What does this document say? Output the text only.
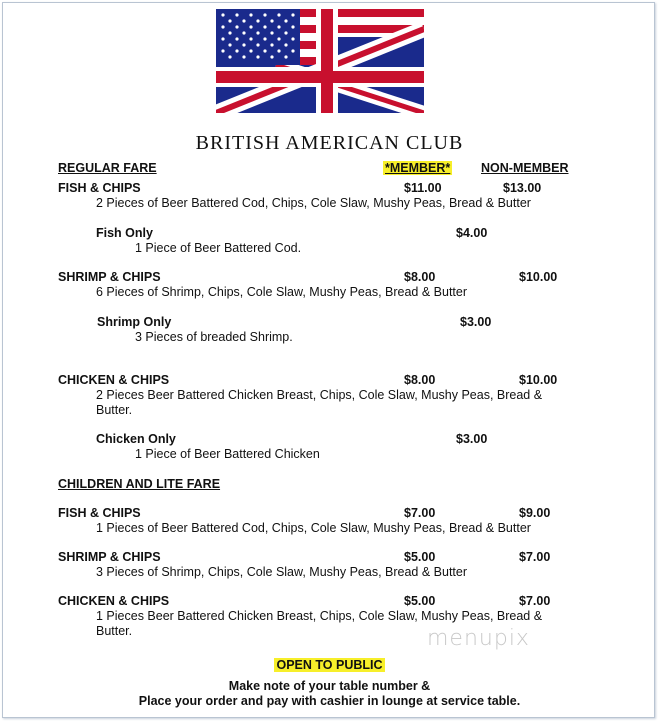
BRITISH AMERICAN CLUB
REGULAR FARE	*MEMBER* NON-MEMBER
FISH & CHIPS	$11.00	$13.00
2 Pieces of Beer Battered Cod, Chips, Cole Slaw, Mushy Peas, Bread & Butter
Fish Only	$4.00
1 Piece of Beer Battered Cod.
SHRIMP & CHIPS	$8.00	$10.00
6 Pieces of Shrimp, Chips, Cole Slaw, Mushy Peas, Bread & Butter
Shrimp Only	$3.00
3 Pieces of breaded Shrimp.
CHICKEN & CHIPS	$8.00	$10.00
2 Pieces Beer Battered Chicken Breast, Chips, Cole Slaw, Mushy Peas, Bread & Butter.
Chicken Only	$3.00
1 Piece of Beer Battered Chicken
CHILDREN AND LITE FARE
FISH & CHIPS	$7.00	$9.00
1 Pieces of Beer Battered Cod, Chips, Cole Slaw, Mushy Peas, Bread & Butter
SHRIMP & CHIPS	$5.00	$7.00
3 Pieces of Shrimp, Chips, Cole Slaw, Mushy Peas, Bread & Butter
CHICKEN & CHIPS	$5.00	$7.00
1 Pieces Beer Battered Chicken Breast, Chips, Cole Slaw, Mushy Peas, Bread & Butter.	menupix
OPEN TO PUBLIC
Make note of your table number &
Place your order and pay with cashier in lounge at service table.
